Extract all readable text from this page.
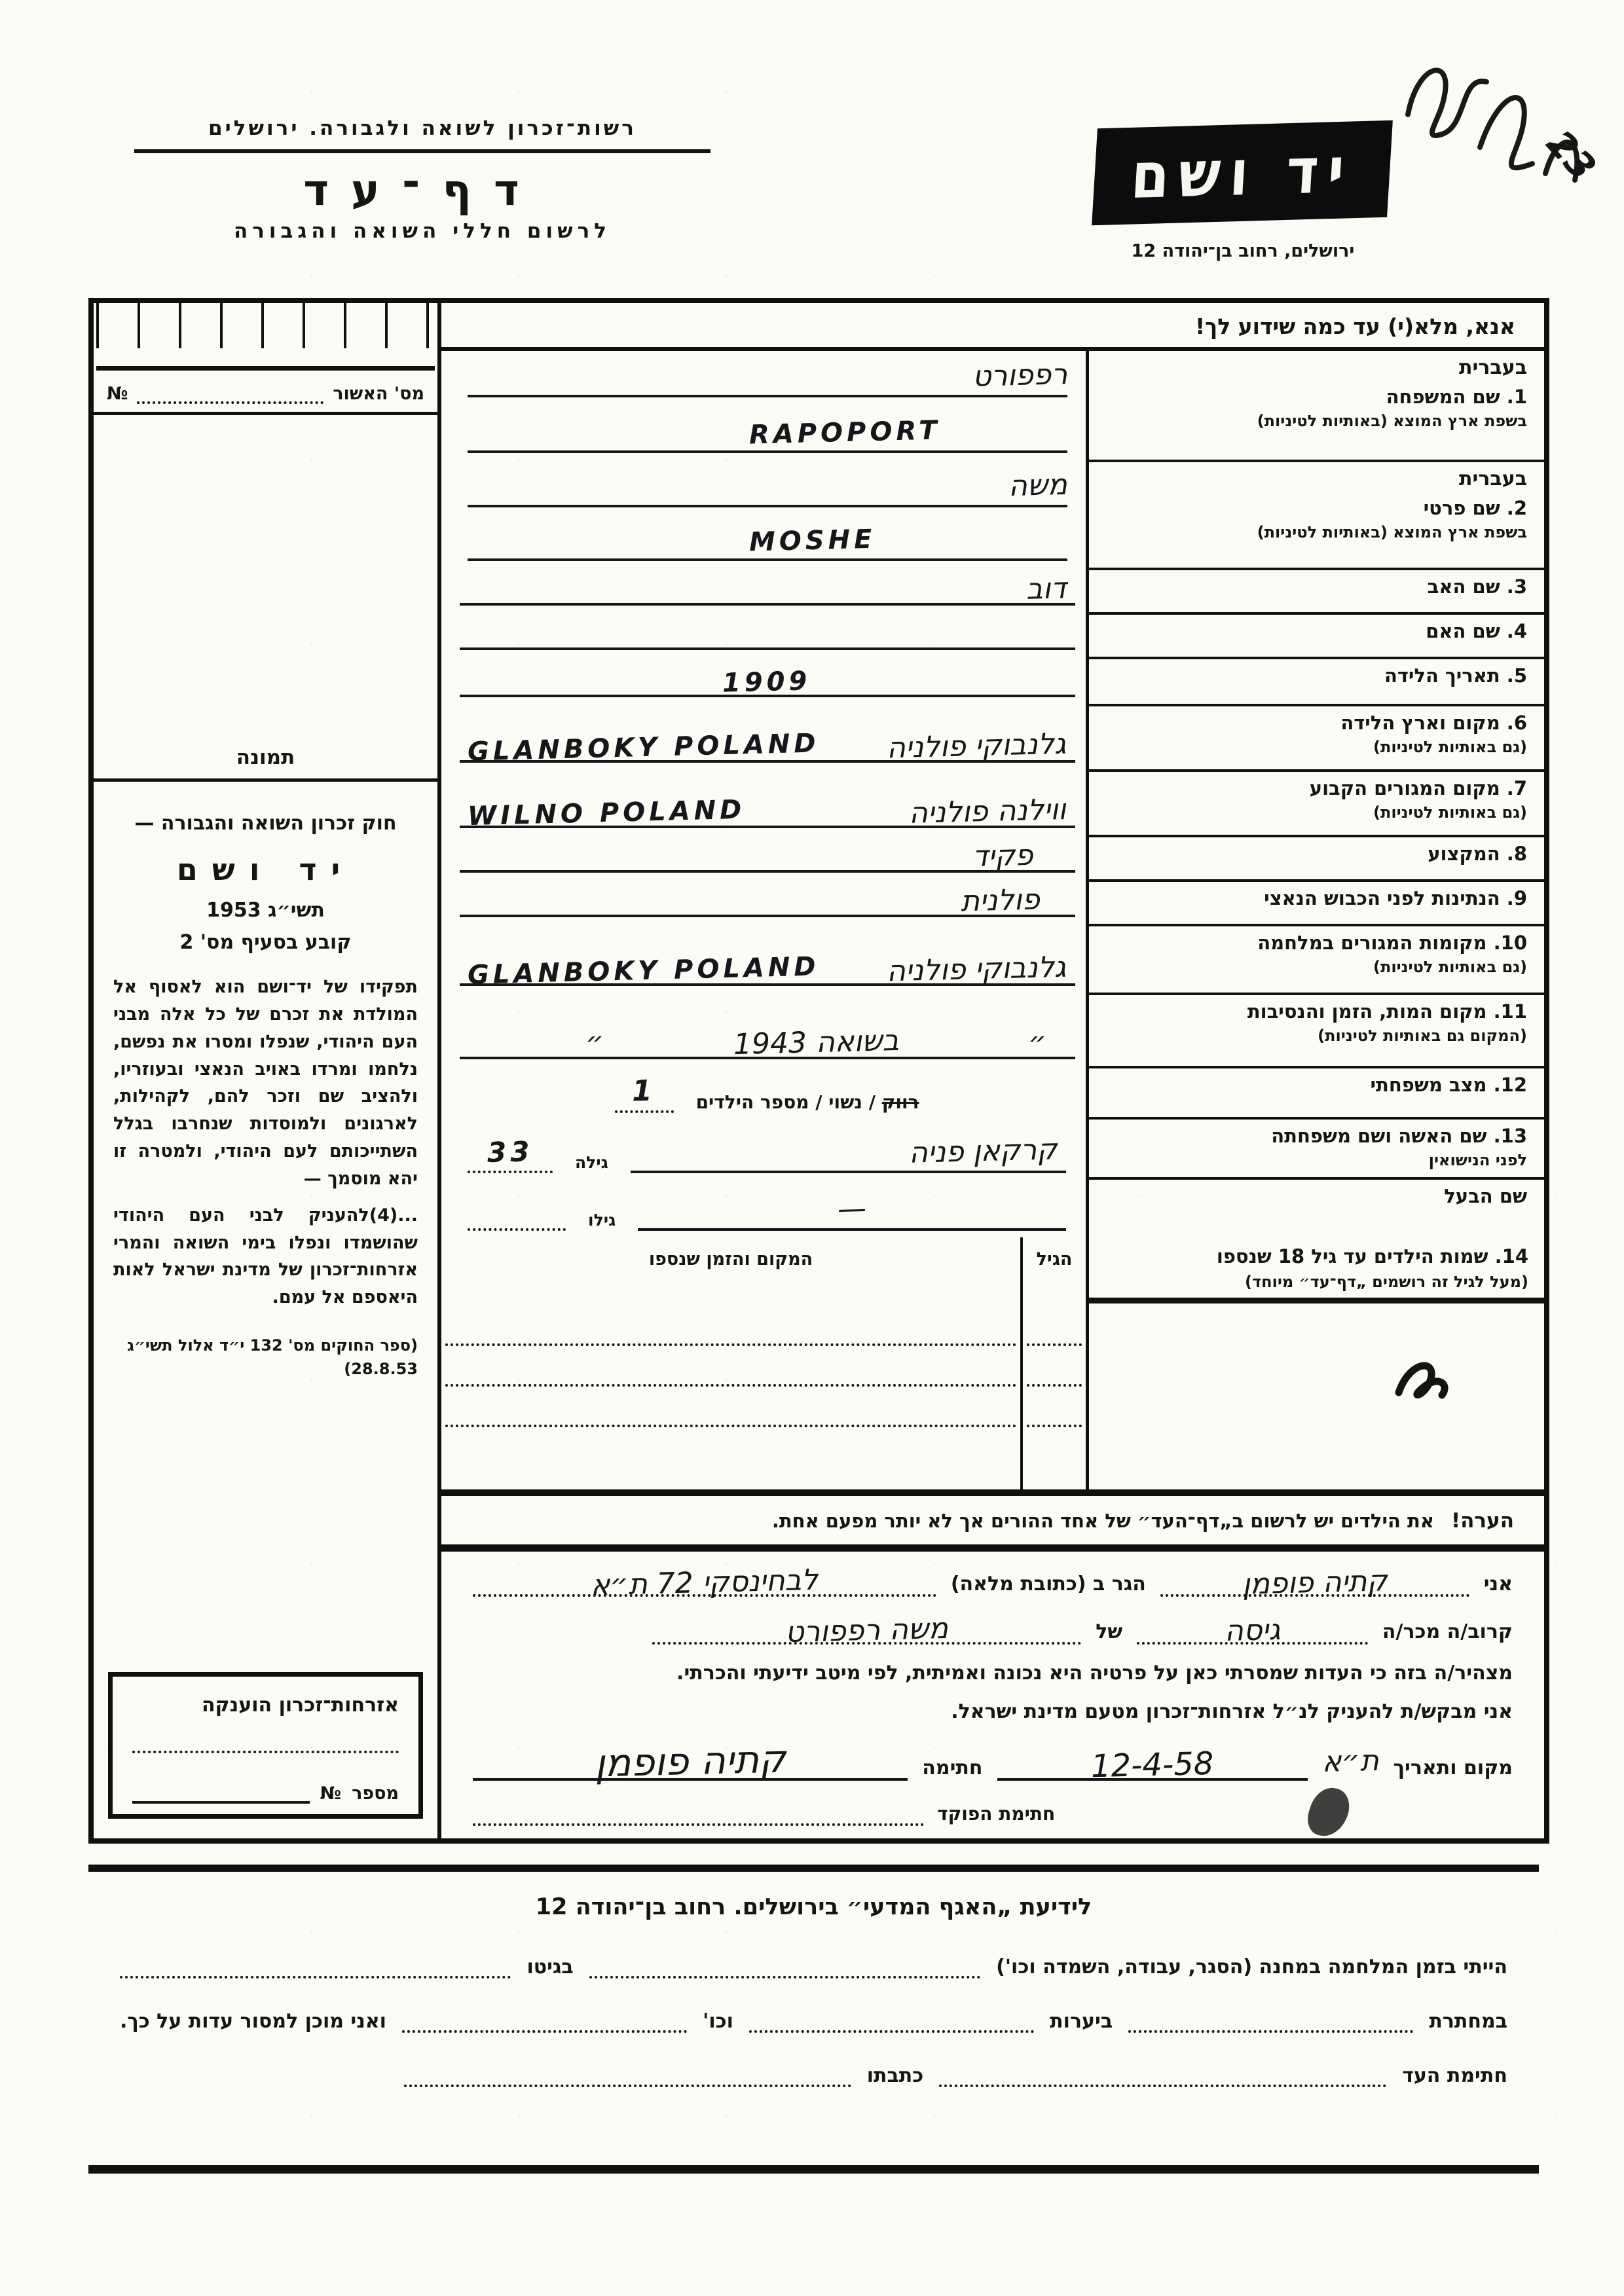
רשות־זכרון לשואה ולגבורה. ירושלים
דף־עד
לרשום חללי השואה והגבורה
יד ושם
ירושלים, רחוב בן־יהודה 12
23
אנא, מלא(י) עד כמה שידוע לך!
בעברית
1. שם המשפחה
בשפת ארץ המוצא (באותיות לטיניות)
רפפורט
RAPOPORT
בעברית
2. שם פרטי
בשפת ארץ המוצא (באותיות לטיניות)
משה
MOSHE
3. שם האב
דוב
4. שם האם
5. תאריך הלידה
1909
6. מקום וארץ הלידה
(גם באותיות לטיניות)
גלנבוקי פולניה
GLANBOKY POLAND
7. מקום המגורים הקבוע
(גם באותיות לטיניות)
ווילנה פולניה
WILNO POLAND
8. המקצוע
פקיד
9. הנתינות לפני הכבוש הנאצי
פולנית
10. מקומות המגורים במלחמה
(גם באותיות לטיניות)
גלנבוקי פולניה
GLANBOKY POLAND
11. מקום המות, הזמן והנסיבות
(המקום גם באותיות לטיניות)
״
בשואה 1943
״
12. מצב משפחתי
רווק / נשוי / מספר הילדים
1
13. שם האשה ושם משפחתה
לפני הנישואין
קרקאן פניה
גילה
33
שם הבעל
—
גילו
14. שמות הילדים עד גיל 18 שנספו
(מעל לגיל זה רושמים „דף־עד״ מיוחד)
הגיל
המקום והזמן שנספו
הערה!
את הילדים יש לרשום ב„דף־העד״ של אחד ההורים אך לא יותר מפעם אחת.
אני
קתיה פופמן
הגר ב (כתובת מלאה)
לבחינסקי 72 ת״א
קרוב/ה מכר/ה
גיסה
של
משה רפפורט
מצהיר/ה בזה כי העדות שמסרתי כאן על פרטיה היא נכונה ואמיתית, לפי מיטב ידיעתי והכרתי.
אני מבקש/ת להעניק לנ״ל אזרחות־זכרון מטעם מדינת ישראל.
מקום ותאריך
ת״א
12-4-58
חתימה
קתיה פופמן
חתימת הפוקד
מס' האשור
№
תמונה
חוק זכרון השואה והגבורה —
יד ושם
תשי״ג 1953
קובע בסעיף מס' 2
תפקידו של יד־ושם הוא לאסוף אל המולדת את זכרם של כל אלה מבני העם היהודי, שנפלו ומסרו את נפשם, נלחמו ומרדו באויב הנאצי ובעוזריו, ולהציב שם וזכר להם, לקהילות, לארגונים ולמוסדות שנחרבו בגלל השתייכותם לעם היהודי, ולמטרה זו יהא מוסמך —
‏...(4)להעניק לבני העם היהודי שהושמדו ונפלו בימי השואה והמרי אזרחות־זכרון של מדינת ישראל לאות היאספם אל עמם.
(ספר החוקים מס' 132 י״ד אלול תשי״ג 28.8.53)
אזרחות־זכרון הוענקה
מספר
№
לידיעת „האגף המדעי״ בירושלים. רחוב בן־יהודה 12
הייתי בזמן המלחמה במחנה (הסגר, עבודה, השמדה וכו')
בגיטו
במחתרת
ביערות
וכו'
ואני מוכן למסור עדות על כך.
חתימת העד
כתבתו
